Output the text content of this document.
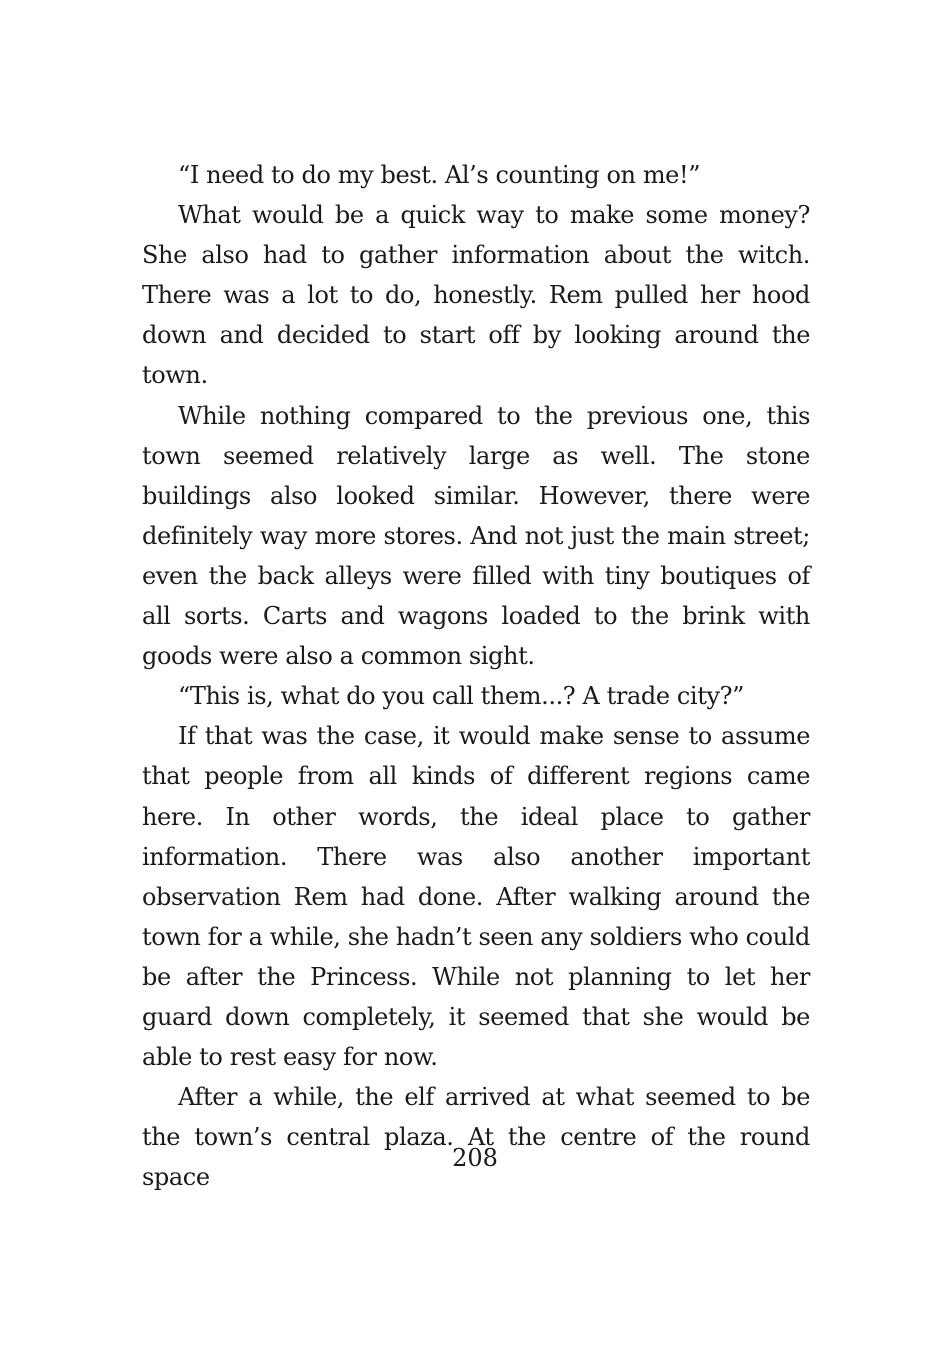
“I need to do my best. Al’s counting on me!”

What would be a quick way to make some money? She also had to gather information about the witch. There was a lot to do, honestly. Rem pulled her hood down and decided to start off by looking around the town.

While nothing compared to the previous one, this town seemed relatively large as well. The stone buildings also looked similar. However, there were definitely way more stores. And not just the main street; even the back alleys were filled with tiny boutiques of all sorts. Carts and wagons loaded to the brink with goods were also a common sight.

“This is, what do you call them...? A trade city?”

If that was the case, it would make sense to assume that people from all kinds of different regions came here. In other words, the ideal place to gather information. There was also another important observation Rem had done. After walking around the town for a while, she hadn’t seen any soldiers who could be after the Princess. While not planning to let her guard down completely, it seemed that she would be able to rest easy for now.

After a while, the elf arrived at what seemed to be the town’s central plaza. At the centre of the round space

208
